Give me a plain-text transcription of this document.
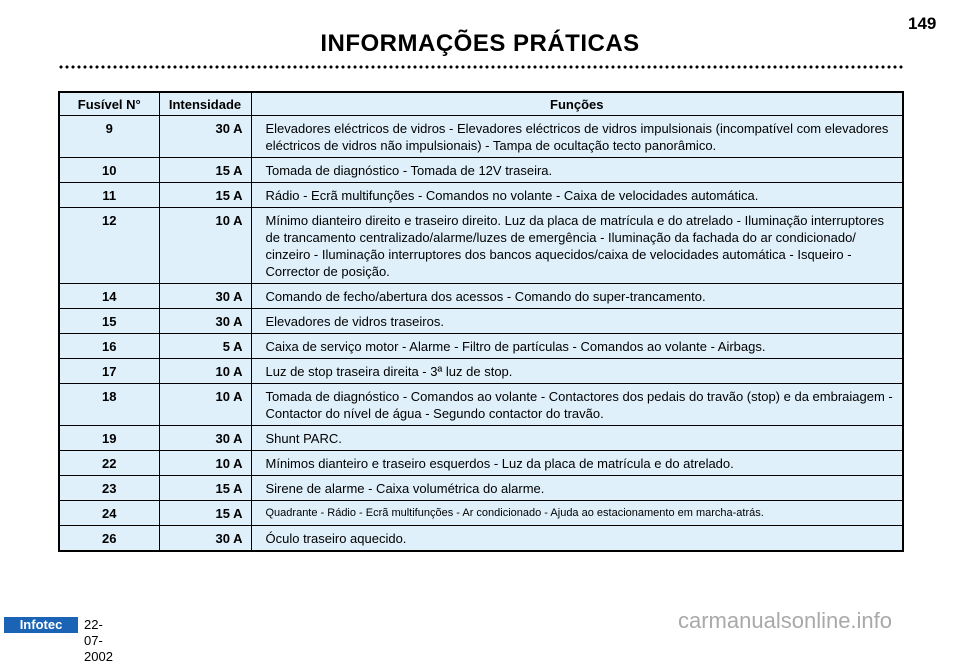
149
INFORMAÇÕES PRÁTICAS
Fusível N°	Intensidade	Funções
9	30 A	Elevadores eléctricos de vidros - Elevadores eléctricos de vidros impulsionais (incompatível com elevadores eléctricos de vidros não impulsionais) - Tampa de ocultação tecto panorâmico.
10	15 A	Tomada de diagnóstico - Tomada de 12V traseira.
11	15 A	Rádio - Ecrã multifunções - Comandos no volante - Caixa de velocidades automática.
12	10 A	Mínimo dianteiro direito e traseiro direito. Luz da placa de matrícula e do atrelado - Iluminação interruptores de trancamento centralizado/alarme/luzes de emergência - Iluminação da fachada do ar condicionado/ cinzeiro - Iluminação interruptores dos bancos aquecidos/caixa de velocidades automática - Isqueiro - Corrector de posição.
14	30 A	Comando de fecho/abertura dos acessos - Comando do super-trancamento.
15	30 A	Elevadores de vidros traseiros.
16	5 A	Caixa de serviço motor - Alarme - Filtro de partículas - Comandos ao volante - Airbags.
17	10 A	Luz de stop traseira direita - 3ª luz de stop.
18	10 A	Tomada de diagnóstico - Comandos ao volante - Contactores dos pedais do travão (stop) e da embraiagem - Contactor do nível de água - Segundo contactor do travão.
19	30 A	Shunt PARC.
22	10 A	Mínimos dianteiro e traseiro esquerdos - Luz da placa de matrícula e do atrelado.
23	15 A	Sirene de alarme - Caixa volumétrica do alarme.
24	15 A	Quadrante - Rádio - Ecrã multifunções - Ar condicionado - Ajuda ao estacionamento em marcha-atrás.
26	30 A	Óculo traseiro aquecido.
Infotec	22-07-2002
carmanualsonline.info
